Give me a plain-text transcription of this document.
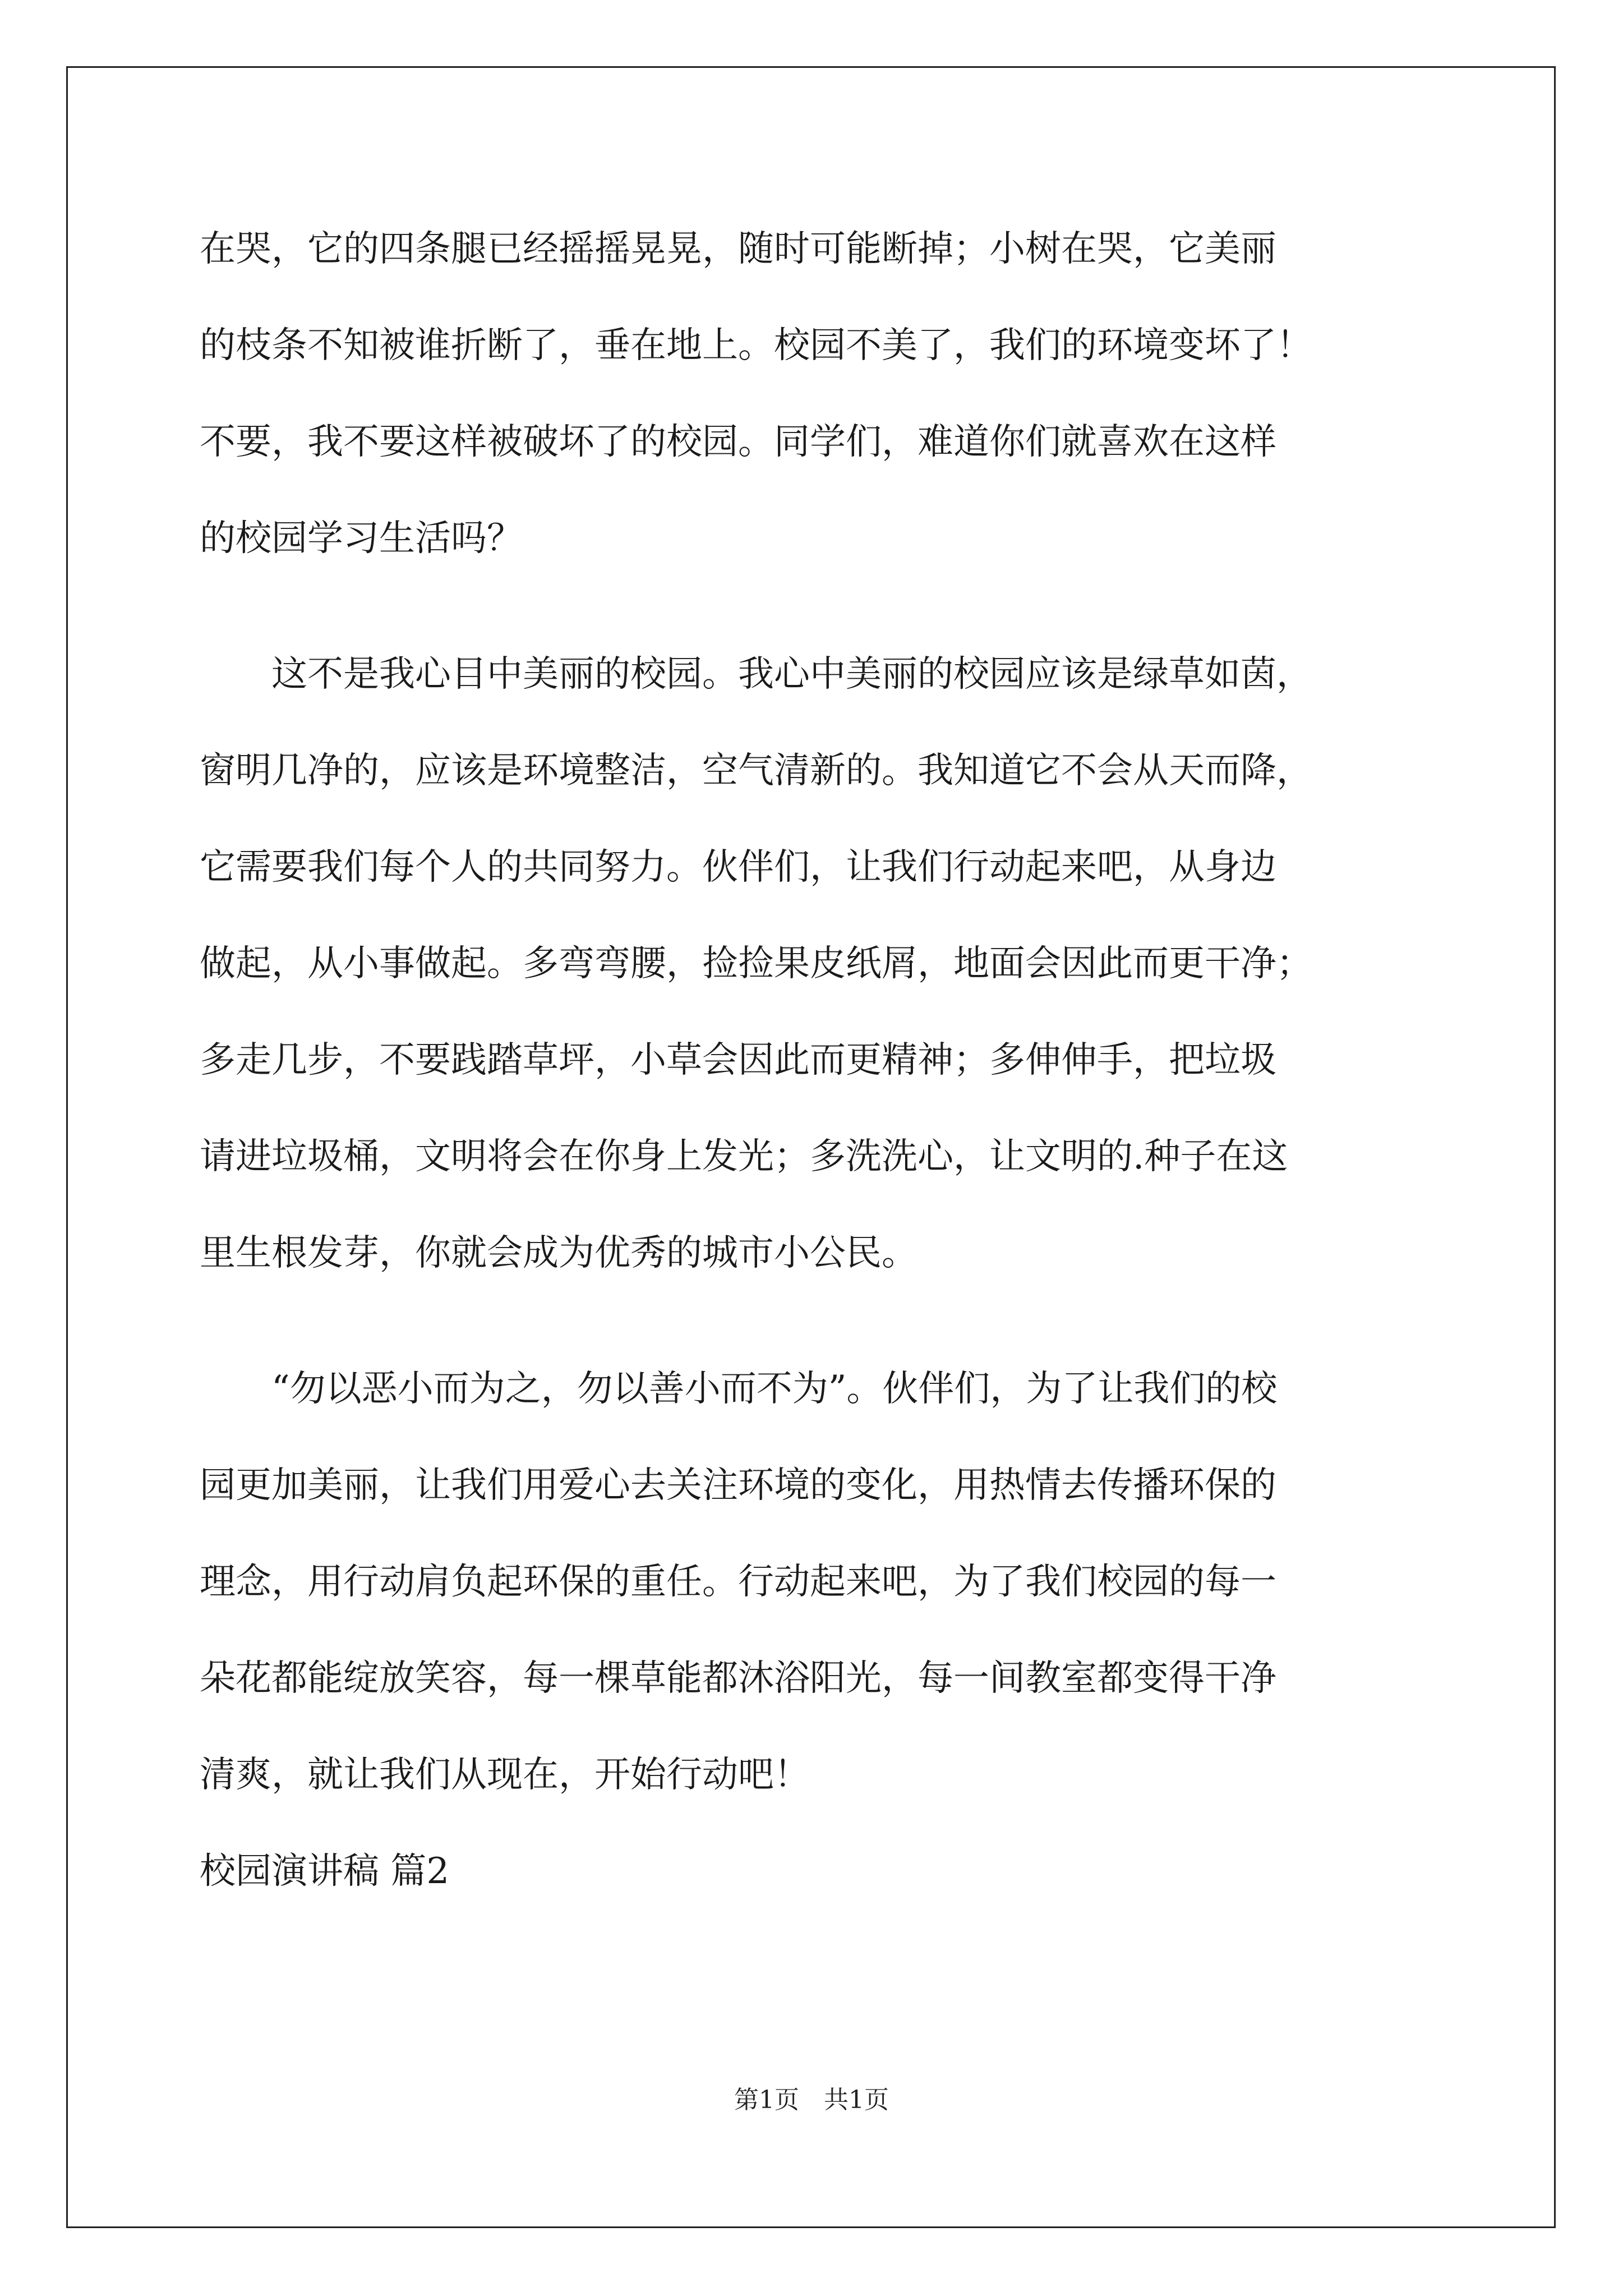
在哭，它的四条腿已经摇摇晃晃，随时可能断掉；小树在哭，它美丽
的枝条不知被谁折断了，垂在地上。校园不美了，我们的环境变坏了！
不要，我不要这样被破坏了的校园。同学们，难道你们就喜欢在这样
的校园学习生活吗？
　　这不是我心目中美丽的校园。我心中美丽的校园应该是绿草如茵，
窗明几净的，应该是环境整洁，空气清新的。我知道它不会从天而降，
它需要我们每个人的共同努力。伙伴们，让我们行动起来吧，从身边
做起，从小事做起。多弯弯腰，捡捡果皮纸屑，地面会因此而更干净；
多走几步，不要践踏草坪，小草会因此而更精神；多伸伸手，把垃圾
请进垃圾桶，文明将会在你身上发光；多洗洗心，让文明的.种子在这
里生根发芽，你就会成为优秀的城市小公民。
　　“勿以恶小而为之，勿以善小而不为”。伙伴们，为了让我们的校
园更加美丽，让我们用爱心去关注环境的变化，用热情去传播环保的
理念，用行动肩负起环保的重任。行动起来吧，为了我们校园的每一
朵花都能绽放笑容，每一棵草能都沐浴阳光，每一间教室都变得干净
清爽，就让我们从现在，开始行动吧！
校园演讲稿 篇2
第1页　共1页
